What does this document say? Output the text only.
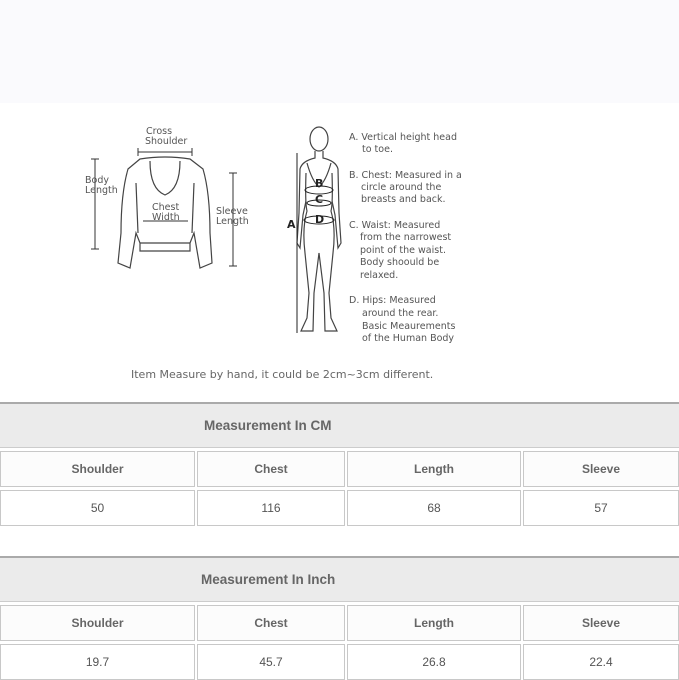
Cross
Shoulder
Body
Length
Chest
Width
Sleeve
Length	A
B
C
D
A. Vertical height head
to toe.
B. Chest: Measured in a
circle around the
breasts and back.
C. Waist: Measured
from the narrowest
point of the waist.
Body shoould be
relaxed.
D. Hips: Measured
around the rear.
Basic Meaurements
of the Human Body
Item Measure by hand, it could be 2cm~3cm different.
Measurement In CM
Shoulder	Chest	Length	Sleeve
50	116	68	57
Measurement In Inch
Shoulder	Chest	Length	Sleeve
19.7	45.7	26.8	22.4
